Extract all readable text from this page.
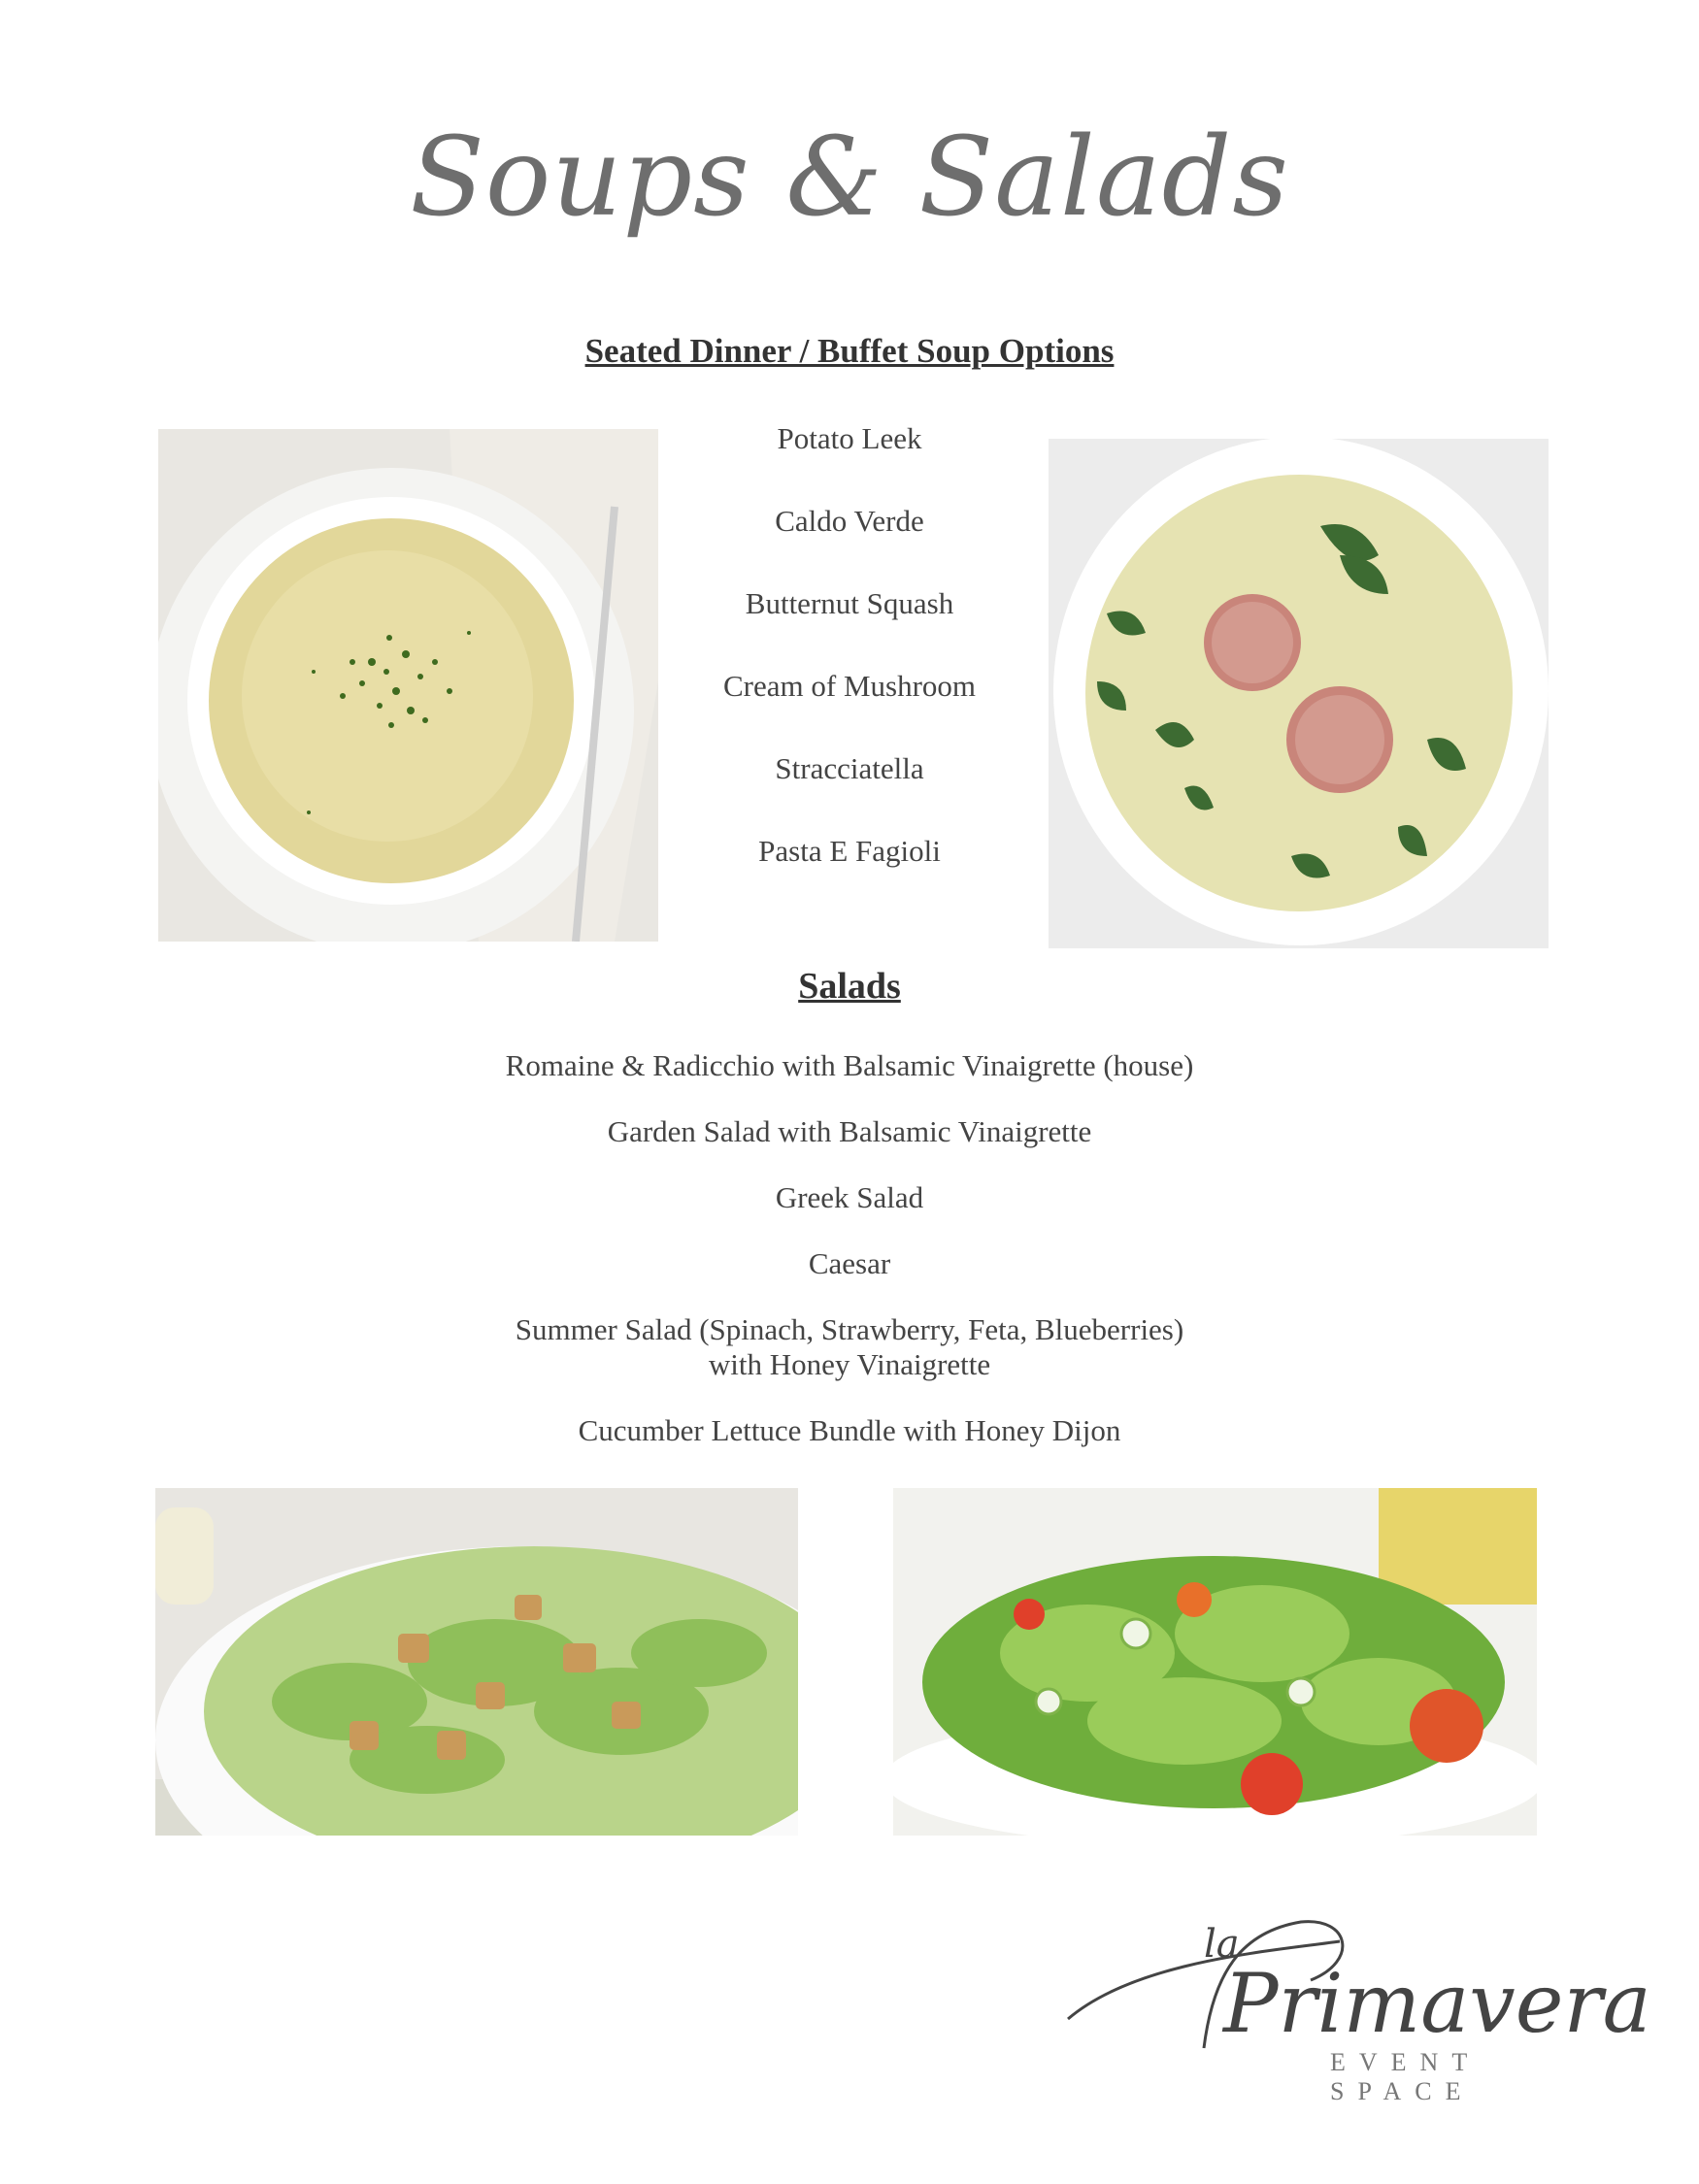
Soups & Salads
Seated Dinner / Buffet Soup Options
Potato Leek
Caldo Verde
Butternut Squash
Cream of Mushroom
Stracciatella
Pasta E Fagioli
Salads
Romaine & Radicchio with Balsamic Vinaigrette (house)
Garden Salad with Balsamic Vinaigrette
Greek Salad
Caesar
Summer Salad (Spinach, Strawberry, Feta, Blueberries)
with Honey Vinaigrette
Cucumber Lettuce Bundle with Honey Dijon
la
Primavera
EVENT SPACE
